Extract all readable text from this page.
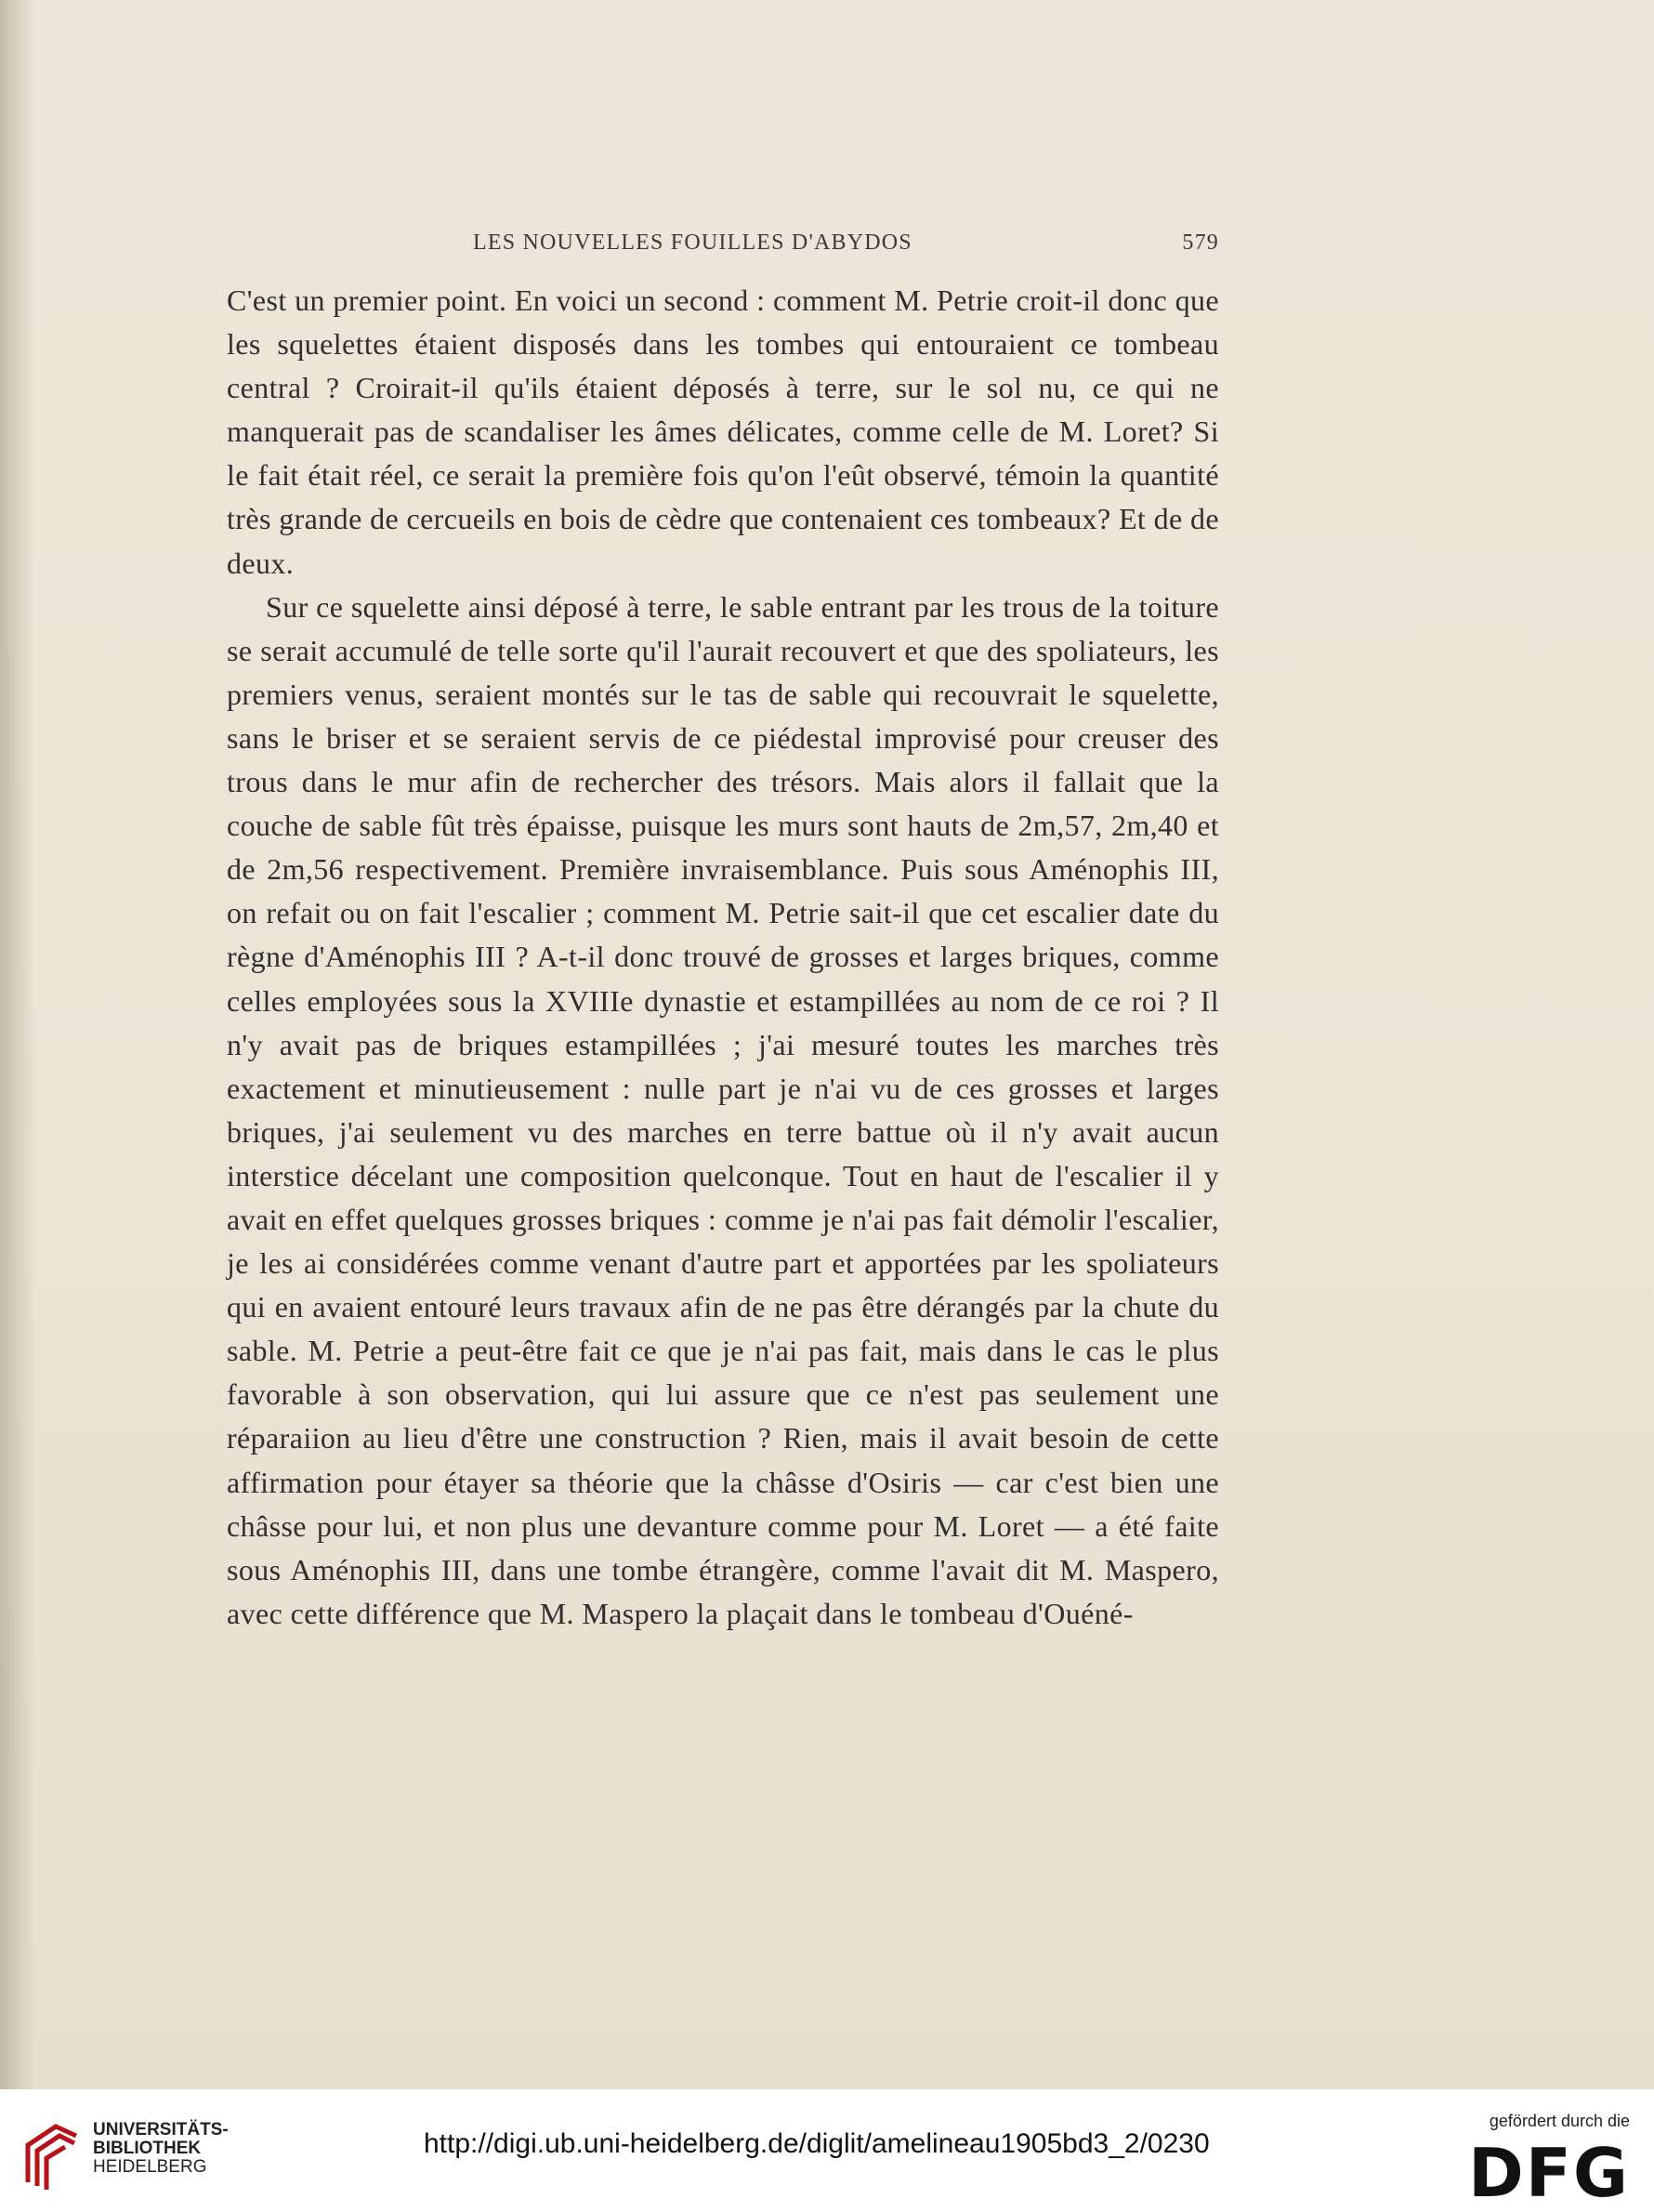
LES NOUVELLES FOUILLES D'ABYDOS	579

C'est un premier point. En voici un second : comment M. Petrie croit-il donc que les squelettes étaient disposés dans les tombes qui entouraient ce tombeau central ? Croirait-il qu'ils étaient déposés à terre, sur le sol nu, ce qui ne manquerait pas de scandaliser les âmes délicates, comme celle de M. Loret? Si le fait était réel, ce serait la première fois qu'on l'eût observé, témoin la quantité très grande de cercueils en bois de cèdre que contenaient ces tombeaux? Et de de deux.

Sur ce squelette ainsi déposé à terre, le sable entrant par les trous de la toiture se serait accumulé de telle sorte qu'il l'aurait recouvert et que des spoliateurs, les premiers venus, seraient montés sur le tas de sable qui recouvrait le squelette, sans le briser et se seraient servis de ce piédestal improvisé pour creuser des trous dans le mur afin de rechercher des trésors. Mais alors il fallait que la couche de sable fût très épaisse, puisque les murs sont hauts de 2m,57, 2m,40 et de 2m,56 respectivement. Première invraisemblance. Puis sous Aménophis III, on refait ou on fait l'escalier ; comment M. Petrie sait-il que cet escalier date du règne d'Aménophis III ? A-t-il donc trouvé de grosses et larges briques, comme celles employées sous la XVIIIe dynastie et estampillées au nom de ce roi ? Il n'y avait pas de briques estampillées ; j'ai mesuré toutes les marches très exactement et minutieusement : nulle part je n'ai vu de ces grosses et larges briques, j'ai seulement vu des marches en terre battue où il n'y avait aucun interstice décelant une composition quelconque. Tout en haut de l'escalier il y avait en effet quelques grosses briques : comme je n'ai pas fait démolir l'escalier, je les ai considérées comme venant d'autre part et apportées par les spoliateurs qui en avaient entouré leurs travaux afin de ne pas être dérangés par la chute du sable. M. Petrie a peut-être fait ce que je n'ai pas fait, mais dans le cas le plus favorable à son observation, qui lui assure que ce n'est pas seulement une réparaiion au lieu d'être une construction ? Rien, mais il avait besoin de cette affirmation pour étayer sa théorie que la châsse d'Osiris — car c'est bien une châsse pour lui, et non plus une devanture comme pour M. Loret — a été faite sous Aménophis III, dans une tombe étrangère, comme l'avait dit M. Maspero, avec cette différence que M. Maspero la plaçait dans le tombeau d'Ouéné-

UNIVERSITÄTS-
BIBLIOTHEK
HEIDELBERG
http://digi.ub.uni-heidelberg.de/diglit/amelineau1905bd3_2/0230
gefördert durch die
DFG
